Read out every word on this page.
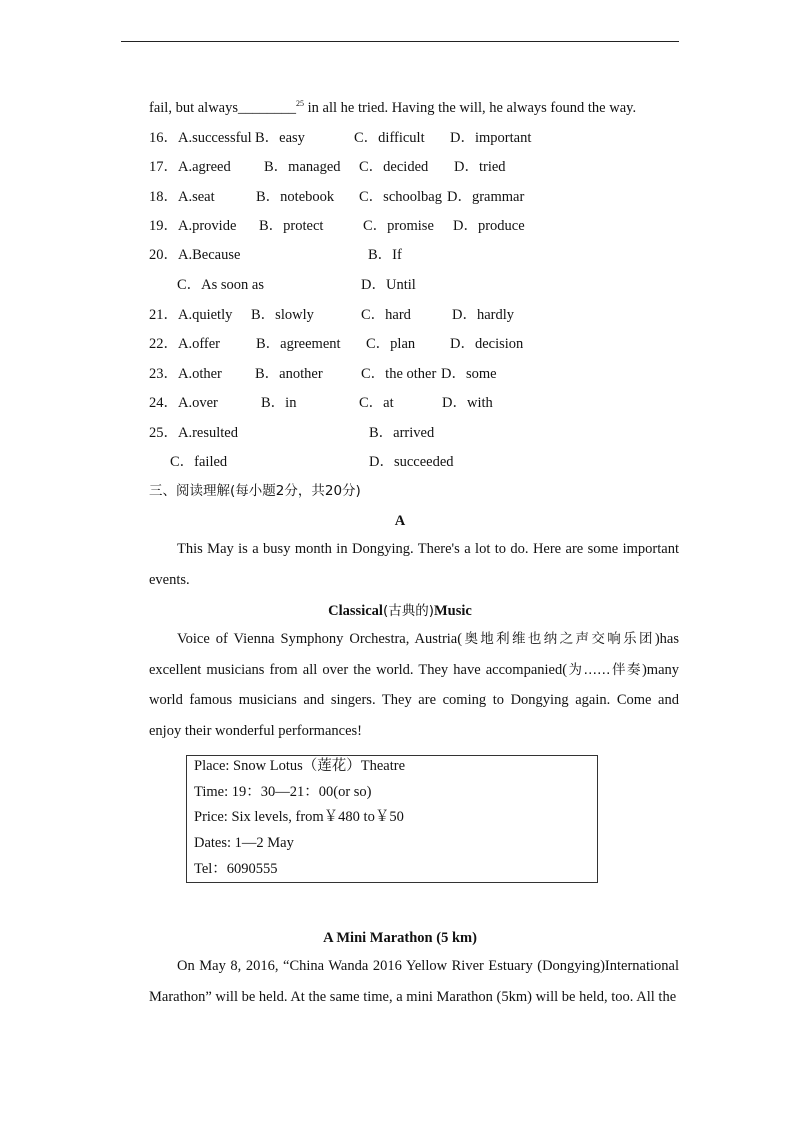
fail, but always________$^{25}$ in all he tried. Having the will, he always found the way.
16． A.successful B．easy	C．difficult D．important
17． A.agreed B．managed C．decided D．tried
18． A.seat	B．notebook C．schoolbag D．grammar
19． A.provide B．protect	C．promise D．produce
20． A.Because	B．If
C．As soon as	D．Until
21． A.quietly B．slowly	C．hard	D．hardly
22． A.offer B．agreement C．plan D．decision
23． A.other B．another	C．the other D．some
24． A.over	B．in	C．at	D．with
25． A.resulted	B．arrived
C．failed	D．succeeded
三、阅读理解(每小题2分，共20分)
A
This May is a busy month in Dongying. There's a lot to do. Here are some important events.
Classical(古典的)Music
Voice of Vienna Symphony Orchestra, Austria(奥地利维也纳之声交响乐团)has excellent musicians from all over the world. They have accompanied(为……伴奏)many world famous musicians and singers. They are coming to Dongying again. Come and enjoy their wonderful performances!
Place: Snow Lotus（莲花）Theatre
Time: 19：30—21：00(or so)
Price: Six levels, from￥480 to￥50
Dates: 1—2 May
Tel：6090555
A Mini Marathon (5 km)
On May 8, 2016, “China Wanda 2016 Yellow River Estuary (Dongying)International Marathon” will be held. At the same time, a mini Marathon (5km) will be held, too. All the
